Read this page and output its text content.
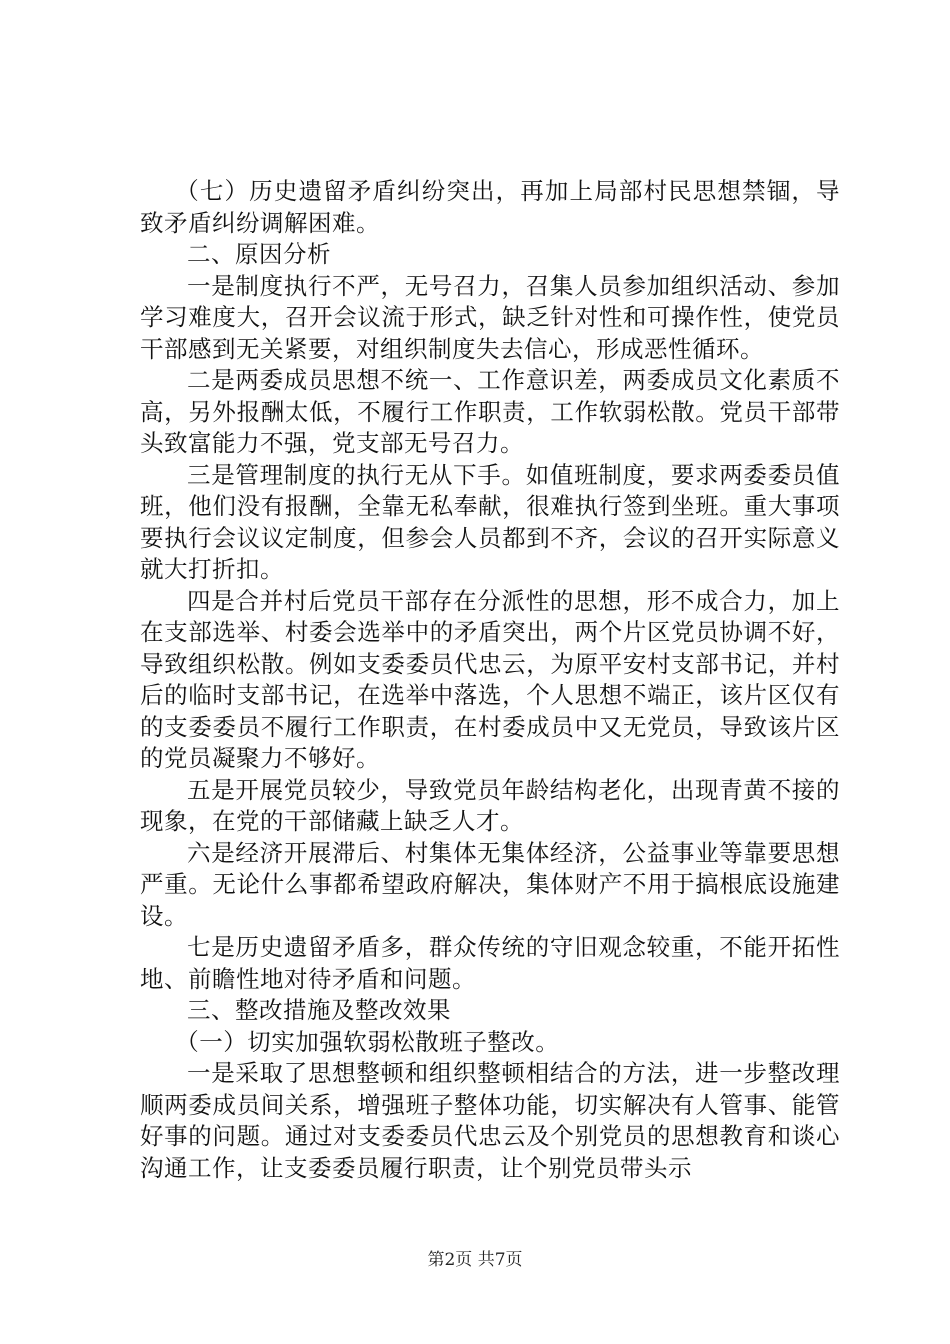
（七）历史遗留矛盾纠纷突出，再加上局部村民思想禁锢，导致矛盾纠纷调解困难。

二、原因分析

一是制度执行不严，无号召力，召集人员参加组织活动、参加学习难度大，召开会议流于形式，缺乏针对性和可操作性，使党员干部感到无关紧要，对组织制度失去信心，形成恶性循环。

二是两委成员思想不统一、工作意识差，两委成员文化素质不高，另外报酬太低，不履行工作职责，工作软弱松散。党员干部带头致富能力不强，党支部无号召力。

三是管理制度的执行无从下手。如值班制度，要求两委委员值班，他们没有报酬，全靠无私奉献，很难执行签到坐班。重大事项要执行会议议定制度，但参会人员都到不齐，会议的召开实际意义就大打折扣。

四是合并村后党员干部存在分派性的思想，形不成合力，加上在支部选举、村委会选举中的矛盾突出，两个片区党员协调不好，导致组织松散。例如支委委员代忠云，为原平安村支部书记，并村后的临时支部书记，在选举中落选，个人思想不端正，该片区仅有的支委委员不履行工作职责，在村委成员中又无党员，导致该片区的党员凝聚力不够好。

五是开展党员较少，导致党员年龄结构老化，出现青黄不接的现象，在党的干部储藏上缺乏人才。

六是经济开展滞后、村集体无集体经济，公益事业等靠要思想严重。无论什么事都希望政府解决，集体财产不用于搞根底设施建设。

七是历史遗留矛盾多，群众传统的守旧观念较重，不能开拓性地、前瞻性地对待矛盾和问题。

三、整改措施及整改效果

（一）切实加强软弱松散班子整改。

一是采取了思想整顿和组织整顿相结合的方法，进一步整改理顺两委成员间关系，增强班子整体功能，切实解决有人管事、能管好事的问题。通过对支委委员代忠云及个别党员的思想教育和谈心沟通工作，让支委委员履行职责，让个别党员带头示

第2页 共7页
